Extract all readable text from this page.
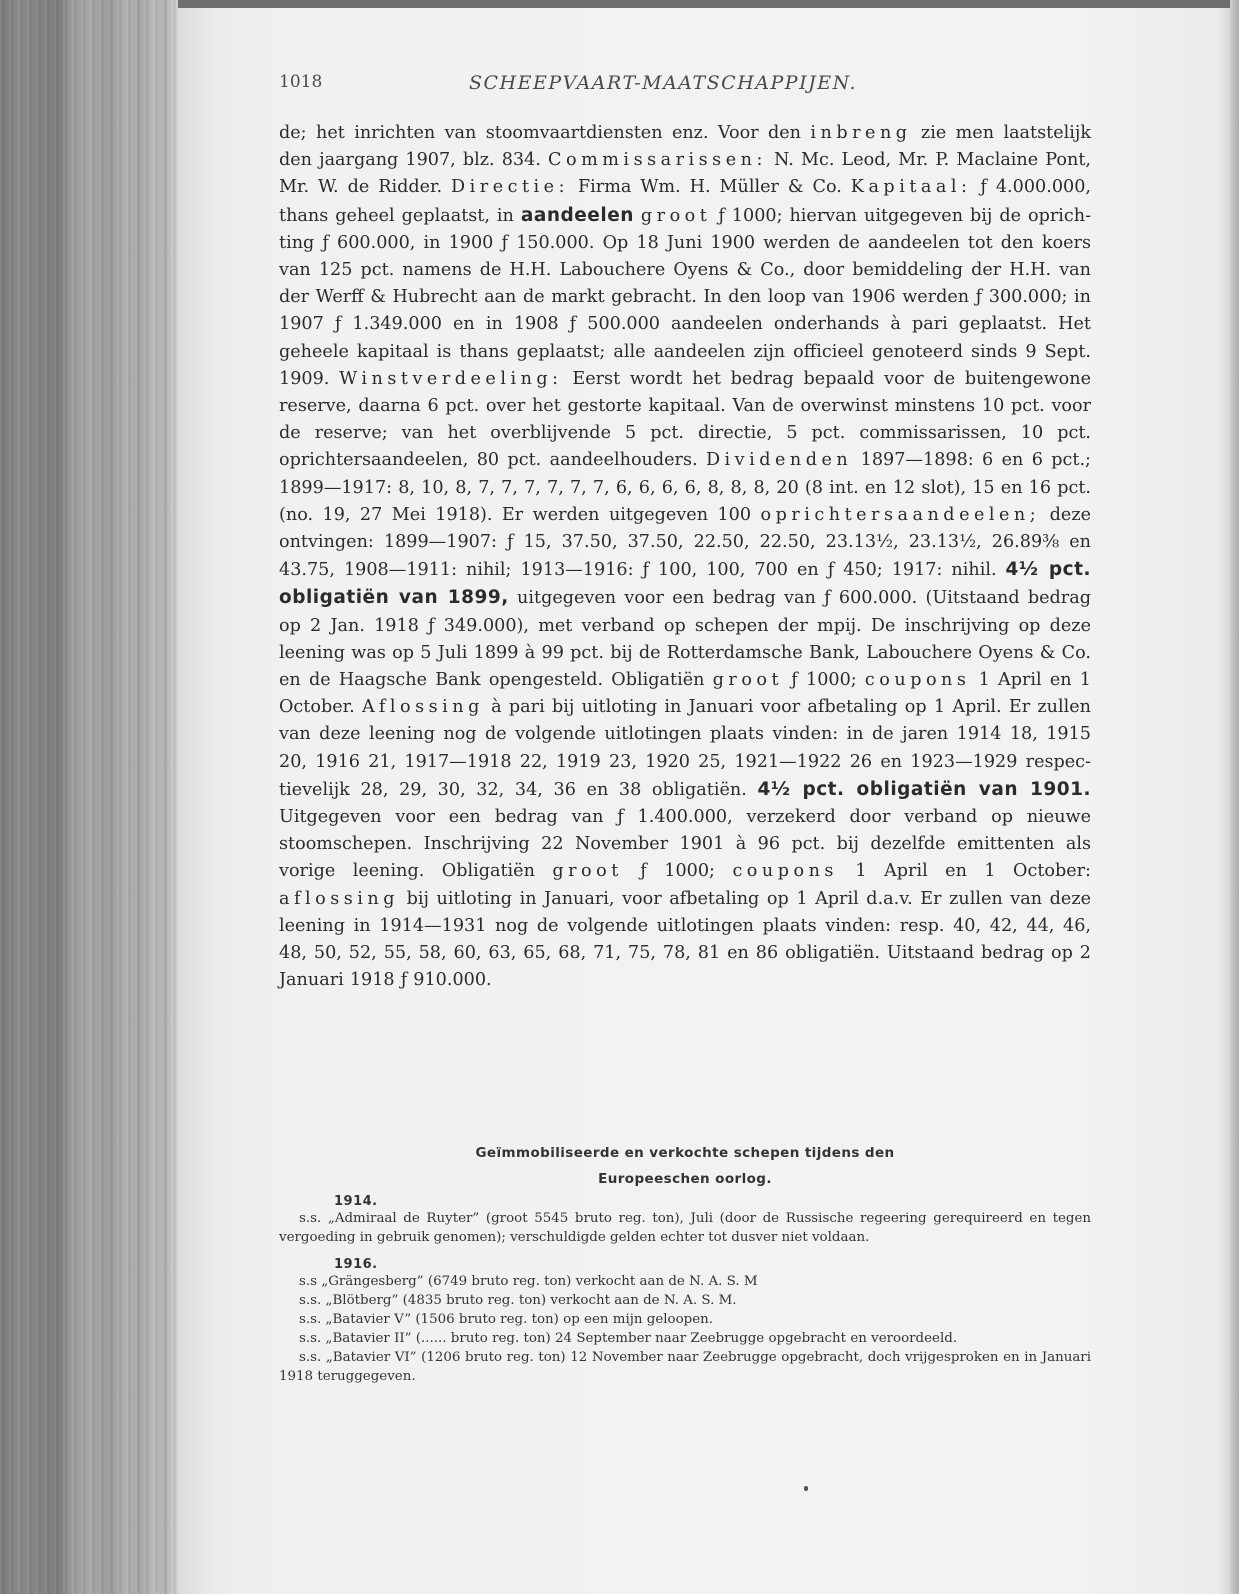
1018	SCHEEPVAART-MAATSCHAPPIJEN.

de; het inrichten van stoomvaartdiensten enz. Voor den inbreng zie men laatstelijk den jaargang 1907, blz. 834. Commissarissen: N. Mc. Leod, Mr. P. Maclaine Pont, Mr. W. de Ridder. Directie: Firma Wm. H. Müller & Co. Kapitaal: ƒ 4.000.000, thans geheel geplaatst, in aandeelen groot ƒ 1000; hiervan uitgegeven bij de oprichting ƒ 600.000, in 1900 ƒ 150.000. Op 18 Juni 1900 werden de aandeelen tot den koers van 125 pct. namens de H.H. Labouchere Oyens & Co., door bemiddeling der H.H. van der Werff & Hubrecht aan de markt gebracht. In den loop van 1906 werden ƒ 300.000; in 1907 ƒ 1.349.000 en in 1908 ƒ 500.000 aandeelen onderhands à pari geplaatst. Het geheele kapitaal is thans geplaatst; alle aandeelen zijn officieel genoteerd sinds 9 Sept. 1909. Winstverdeeling: Eerst wordt het bedrag bepaald voor de buitengewone reserve, daarna 6 pct. over het gestorte kapitaal. Van de overwinst minstens 10 pct. voor de reserve; van het overblijvende 5 pct. directie, 5 pct. commissarissen, 10 pct. oprichtersaandeelen, 80 pct. aandeelhouders. Dividenden 1897—1898: 6 en 6 pct.; 1899—1917: 8, 10, 8, 7, 7, 7, 7, 7, 7, 6, 6, 6, 6, 8, 8, 8, 20 (8 int. en 12 slot), 15 en 16 pct. (no. 19, 27 Mei 1918). Er werden uitgegeven 100 oprichtersaandeelen; deze ontvingen: 1899—1907: ƒ 15, 37.50, 37.50, 22.50, 22.50, 23.13½, 23.13½, 26.89⅜ en 43.75, 1908—1911: nihil; 1913—1916: ƒ 100, 100, 700 en ƒ 450; 1917: nihil. 4½ pct. obligatiën van 1899, uitgegeven voor een bedrag van ƒ 600.000. (Uitstaand bedrag op 2 Jan. 1918 ƒ 349.000), met verband op schepen der mpij. De inschrijving op deze leening was op 5 Juli 1899 à 99 pct. bij de Rotterdamsche Bank, Labouchere Oyens & Co. en de Haagsche Bank opengesteld. Obligatiën groot ƒ 1000; coupons 1 April en 1 October. Aflossing à pari bij uitloting in Januari voor afbetaling op 1 April. Er zullen van deze leening nog de volgende uitlotingen plaats vinden: in de jaren 1914 18, 1915 20, 1916 21, 1917—1918 22, 1919 23, 1920 25, 1921—1922 26 en 1923—1929 respectievelijk 28, 29, 30, 32, 34, 36 en 38 obligatiën. 4½ pct. obligatiën van 1901. Uitgegeven voor een bedrag van ƒ 1.400.000, verzekerd door verband op nieuwe stoomschepen. Inschrijving 22 November 1901 à 96 pct. bij dezelfde emittenten als vorige leening. Obligatiën groot ƒ 1000; coupons 1 April en 1 October: aflossing bij uitloting in Januari, voor afbetaling op 1 April d.a.v. Er zullen van deze leening in 1914—1931 nog de volgende uitlotingen plaats vinden: resp. 40, 42, 44, 46, 48, 50, 52, 55, 58, 60, 63, 65, 68, 71, 75, 78, 81 en 86 obligatiën. Uitstaand bedrag op 2 Januari 1918 ƒ 910.000.

Geïmmobiliseerde en verkochte schepen tijdens den
Europeeschen oorlog.
1914.

s.s. „Admiraal de Ruyter” (groot 5545 bruto reg. ton), Juli (door de Russische regeering gerequireerd en tegen vergoeding in gebruik genomen); verschuldigde gelden echter tot dusver niet voldaan.

1916.

s.s „Grängesberg” (6749 bruto reg. ton) verkocht aan de N. A. S. M

s.s. „Blötberg” (4835 bruto reg. ton) verkocht aan de N. A. S. M.

s.s. „Batavier V” (1506 bruto reg. ton) op een mijn geloopen.

s.s. „Batavier II” (...... bruto reg. ton) 24 September naar Zeebrugge opgebracht en veroordeeld.

s.s. „Batavier VI” (1206 bruto reg. ton) 12 November naar Zeebrugge opgebracht, doch vrijgesproken en in Januari 1918 teruggegeven.
